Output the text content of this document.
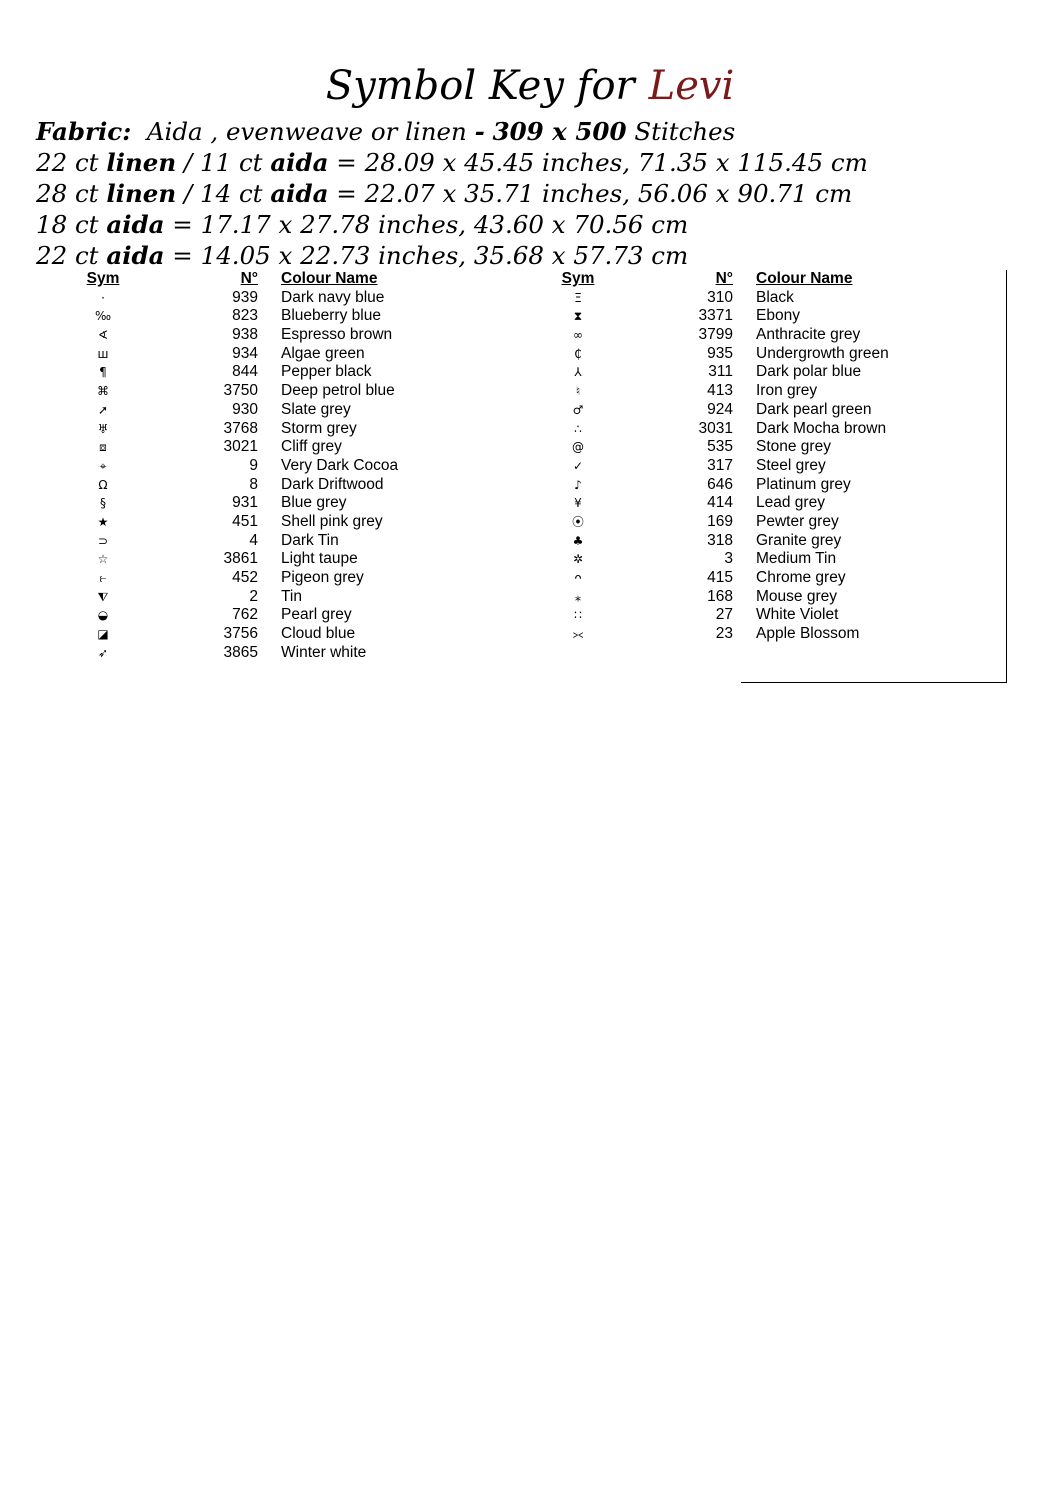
Symbol Key for Levi
Fabric: Aida , evenweave or linen - 309 x 500 Stitches
22 ct linen / 11 ct aida = 28.09 x 45.45 inches, 71.35 x 115.45 cm
28 ct linen / 14 ct aida = 22.07 x 35.71 inches, 56.06 x 90.71 cm
18 ct aida = 17.17 x 27.78 inches, 43.60 x 70.56 cm
22 ct aida = 14.05 x 22.73 inches, 35.68 x 57.73 cm
Sym	N° Colour Name
·	939 Dark navy blue
‰	823 Blueberry blue
∢	938 Espresso brown
ш	934 Algae green
¶	844 Pepper black
⌘	3750 Deep petrol blue
➚	930 Slate grey
♅	3768 Storm grey
⧈	3021 Cliff grey
⌖	9 Very Dark Cocoa
Ω	8 Dark Driftwood
§	931 Blue grey
★	451 Shell pink grey
⊃	4 Dark Tin
☆	3861 Light taupe
⥼	452 Pigeon grey
⧨	2 Tin
◒	762 Pearl grey
◪	3756 Cloud blue
➶	3865 Winter white
Sym	N° Colour Name
Ξ	310 Black
⧗	3371 Ebony
∞	3799 Anthracite grey
₵	935 Undergrowth green
⅄	311 Dark polar blue
♮	413 Iron grey
♂	924 Dark pearl green
∴	3031 Dark Mocha brown
@	535 Stone grey
✓	317 Steel grey
♪	646 Platinum grey
¥	414 Lead grey
⦿	169 Pewter grey
♣	318 Granite grey
✲	3 Medium Tin
ᴖ	415 Chrome grey
⁎	168 Mouse grey
∷	27 White Violet
⪥	23 Apple Blossom
